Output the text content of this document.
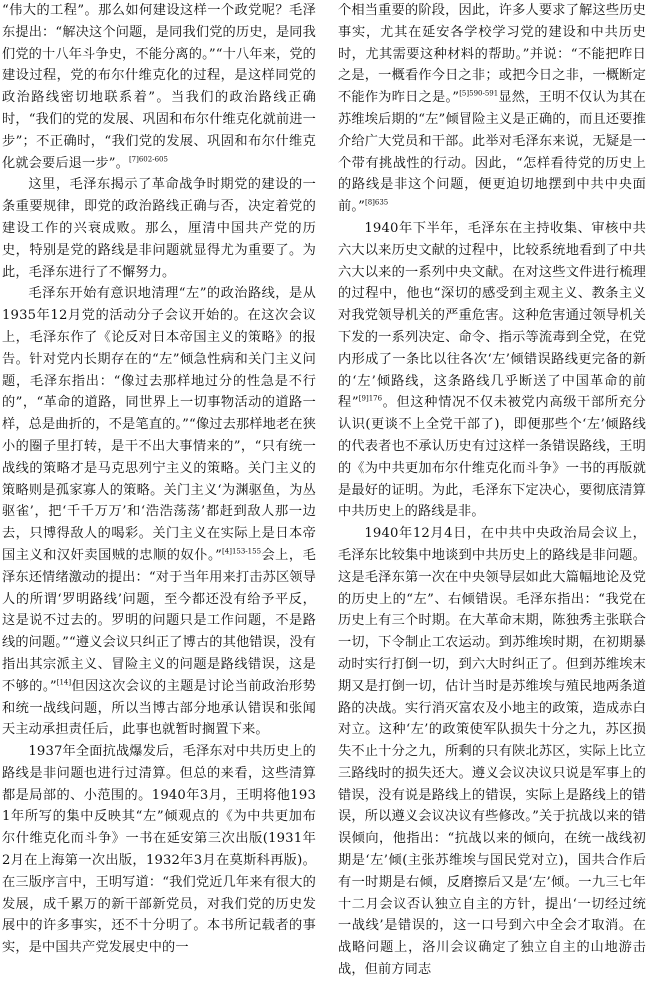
“伟大的工程”。那么如何建设这样一个政党呢？毛泽东提出：“解决这个问题，是同我们党的历史，是同我们党的十八年斗争史，不能分离的。”“十八年来，党的建设过程，党的布尔什维克化的过程，是这样同党的政治路线密切地联系着”。当我们的政治路线正确时，“我们的党的发展、巩固和布尔什维克化就前进一步”；不正确时，“我们党的发展、巩固和布尔什维克化就会要后退一步”。$^{[7]602-605}$

这里，毛泽东揭示了革命战争时期党的建设的一条重要规律，即党的政治路线正确与否，决定着党的建设工作的兴衰成败。那么，厘清中国共产党的历史，特别是党的路线是非问题就显得尤为重要了。为此，毛泽东进行了不懈努力。

毛泽东开始有意识地清理“左”的政治路线，是从1935年12月党的活动分子会议开始的。在这次会议上，毛泽东作了《论反对日本帝国主义的策略》的报告。针对党内长期存在的“左”倾急性病和关门主义问题，毛泽东指出：“像过去那样地过分的性急是不行的”，“革命的道路，同世界上一切事物活动的道路一样，总是曲折的，不是笔直的。”“像过去那样地老在狭小的圈子里打转，是干不出大事情来的”，“只有统一战线的策略才是马克思列宁主义的策略。关门主义的策略则是孤家寡人的策略。关门主义‘为渊驱鱼，为丛驱雀’，把‘千千万万’和‘浩浩荡荡’都赶到敌人那一边去，只博得敌人的喝彩。关门主义在实际上是日本帝国主义和汉奸卖国贼的忠顺的奴仆。”$^{[4]153-155}$会上，毛泽东还情绪激动的提出：“对于当年用来打击苏区领导人的所谓‘罗明路线’问题，至今都还没有给予平反，这是说不过去的。罗明的问题只是工作问题，不是路线的问题。”“遵义会议只纠正了博古的其他错误，没有指出其宗派主义、冒险主义的问题是路线错误，这是不够的。”[14]但因这次会议的主题是讨论当前政治形势和统一战线问题，所以当博古部分地承认错误和张闻天主动承担责任后，此事也就暂时搁置下来。

1937年全面抗战爆发后，毛泽东对中共历史上的路线是非问题也进行过清算。但总的来看，这些清算都是局部的、小范围的。1940年3月，王明将他1931年所写的集中反映其“左”倾观点的《为中共更加布尔什维克化而斗争》一书在延安第三次出版(1931年2月在上海第一次出版，1932年3月在莫斯科再版)。在三版序言中，王明写道：“我们党近几年来有很大的发展，成千累万的新干部新党员，对我们党的历史发展中的许多事实，还不十分明了。本书所记载者的事实，是中国共产党发展史中的一

个相当重要的阶段，因此，许多人要求了解这些历史事实，尤其在延安各学校学习党的建设和中共历史时，尤其需要这种材料的帮助。”并说：“不能把昨日之是，一概看作今日之非；或把今日之非，一概断定不能作为昨日之是。”$^{[5]590-591}$显然，王明不仅认为其在苏维埃后期的“左”倾冒险主义是正确的，而且还要推介给广大党员和干部。此举对毛泽东来说，无疑是一个带有挑战性的行动。因此，“怎样看待党的历史上的路线是非这个问题，便更迫切地摆到中共中央面前。”$^{[8]635}$

1940年下半年，毛泽东在主持收集、审核中共六大以来历史文献的过程中，比较系统地看到了中共六大以来的一系列中央文献。在对这些文件进行梳理的过程中，他也“深切的感受到主观主义、教条主义对我党领导机关的严重危害。这种危害通过领导机关下发的一系列决定、命令、指示等流毒到全党，在党内形成了一条比以往各次‘左’倾错误路线更完备的新的‘左’倾路线，这条路线几乎断送了中国革命的前程”$^{[9]176}$。但这种情况不仅未被党内高级干部所充分认识(更谈不上全党干部了)，即便那些个‘左’倾路线的代表者也不承认历史有过这样一条错误路线，王明的《为中共更加布尔什维克化而斗争》一书的再版就是最好的证明。为此，毛泽东下定决心，要彻底清算中共历史上的路线是非。

1940年12月4日，在中共中央政治局会议上，毛泽东比较集中地谈到中共历史上的路线是非问题。这是毛泽东第一次在中央领导层如此大篇幅地论及党的历史上的“左”、右倾错误。毛泽东指出：“我党在历史上有三个时期。在大革命末期，陈独秀主张联合一切，下令制止工农运动。到苏维埃时期，在初期暴动时实行打倒一切，到六大时纠正了。但到苏维埃末期又是打倒一切，估计当时是苏维埃与殖民地两条道路的决战。实行消灭富农及小地主的政策，造成赤白对立。这种‘左’的政策使军队损失十分之九，苏区损失不止十分之九，所剩的只有陕北苏区，实际上比立三路线时的损失还大。遵义会议决议只说是军事上的错误，没有说是路线上的错误，实际上是路线上的错误，所以遵义会议决议有些修改。”关于抗战以来的错误倾向，他指出：“抗战以来的倾向，在统一战线初期是‘左’倾(主张苏维埃与国民党对立)，国共合作后有一时期是右倾，反磨擦后又是‘左’倾。一九三七年十二月会议否认独立自主的方针，提出‘一切经过统一战线’是错误的，这一口号到六中全会才取消。在战略问题上，洛川会议确定了独立自主的山地游击战，但前方同志
